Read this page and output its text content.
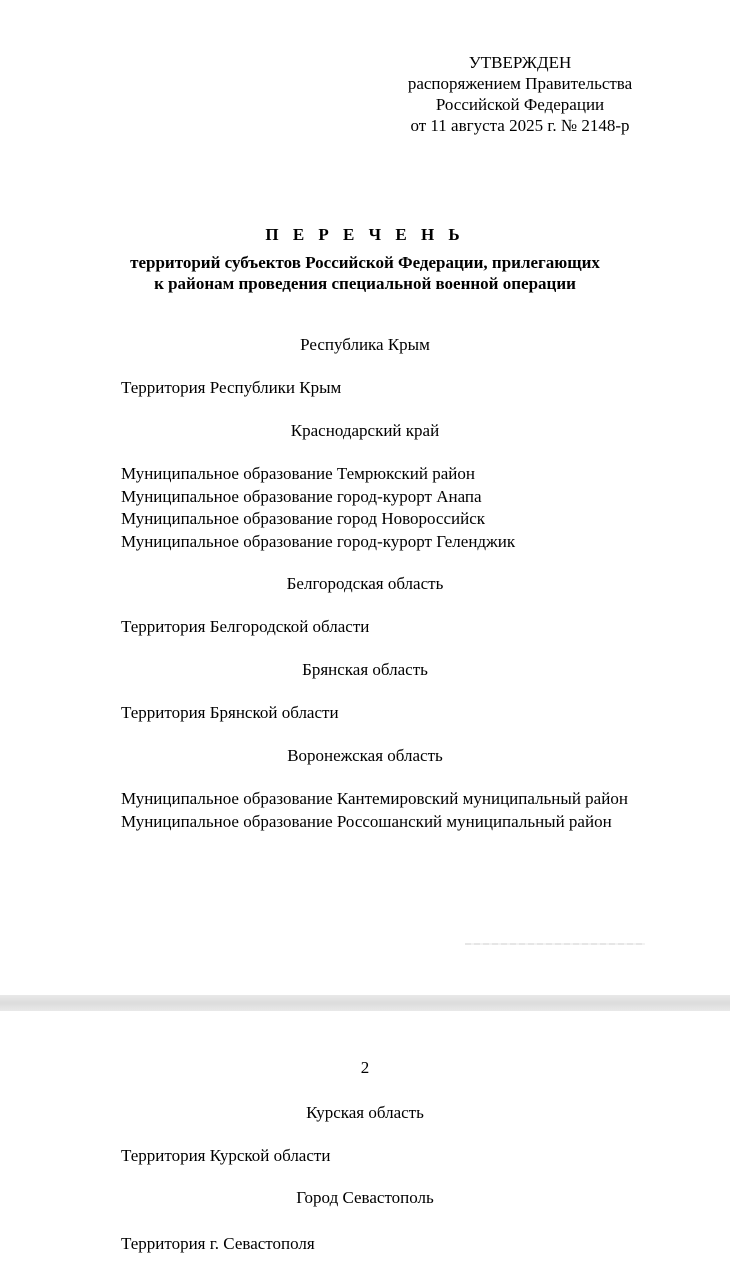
УТВЕРЖДЕН
распоряжением Правительства
Российской Федерации
от 11 августа 2025 г. № 2148-р
П Е Р Е Ч Е Н Ь
территорий субъектов Российской Федерации, прилегающих
к районам проведения специальной военной операции
Республика Крым
Территория Республики Крым
Краснодарский край
Муниципальное образование Темрюкский район
Муниципальное образование город-курорт Анапа
Муниципальное образование город Новороссийск
Муниципальное образование город-курорт Геленджик
Белгородская область
Территория Белгородской области
Брянская область
Территория Брянской области
Воронежская область
Муниципальное образование Кантемировский муниципальный район
Муниципальное образование Россошанский муниципальный район
2
Курская область
Территория Курской области
Город Севастополь
Территория г. Севастополя
